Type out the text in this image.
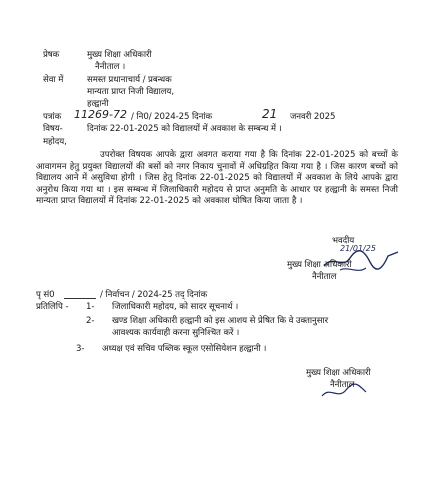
प्रेषक	मुख्य शिक्षा अधिकारी
नैनीताल ।
सेवा में	समस्त प्रधानाचार्य / प्रबन्धक
मान्यता प्राप्त निजी विद्यालय,
हल्द्वानी
पत्रांक 11269-72 / नि0/ 2024-25 दिनांक	21 जनवरी 2025
विषय-	दिनांक 22-01-2025 को विद्यालयों में अवकाश के सम्बन्ध में ।
महोदय,
उपरोक्त विषयक आपके द्वारा अवगत कराया गया है कि दिनांक 22-01-2025 को बच्चों के आवागमन हेतु प्रयुक्त विद्यालयों की बसों को नगर निकाय चुनावों में अधिग्रहित किया गया है । जिस कारण बच्चों को विद्यालय आने में असुविधा होगी । जिस हेतु दिनांक 22-01-2025 को विद्यालयों में अवकाश के लिये आपके द्वारा अनुरोध किया गया था । इस सम्बन्ध में जिलाधिकारी महोदय से प्राप्त अनुमति के आधार पर हल्द्वानी के समस्त निजी मान्यता प्राप्त विद्यालयों में दिनांक 22-01-2025 को अवकाश घोषित किया जाता है ।
भवदीय
21/01/25
मुख्य शिक्षा अधिकारी
नैनीताल
पृ सं0	/ निर्वाचन / 2024-25 तद् दिनांक
प्रतिलिपि - 1- जिलाधिकारी महोदय, को सादर सूचनार्थ ।
2- खण्ड शिक्षा अधिकारी हल्द्वानी को इस आशय से प्रेषित कि वे उक्तानुसार
आवश्यक कार्यवाही करना सुनिश्चित करें ।
3- अध्यक्ष एवं सचिव पब्लिक स्कूल एसोसियेशन हल्द्वानी ।
मुख्य शिक्षा अधिकारी
नैनीताल
